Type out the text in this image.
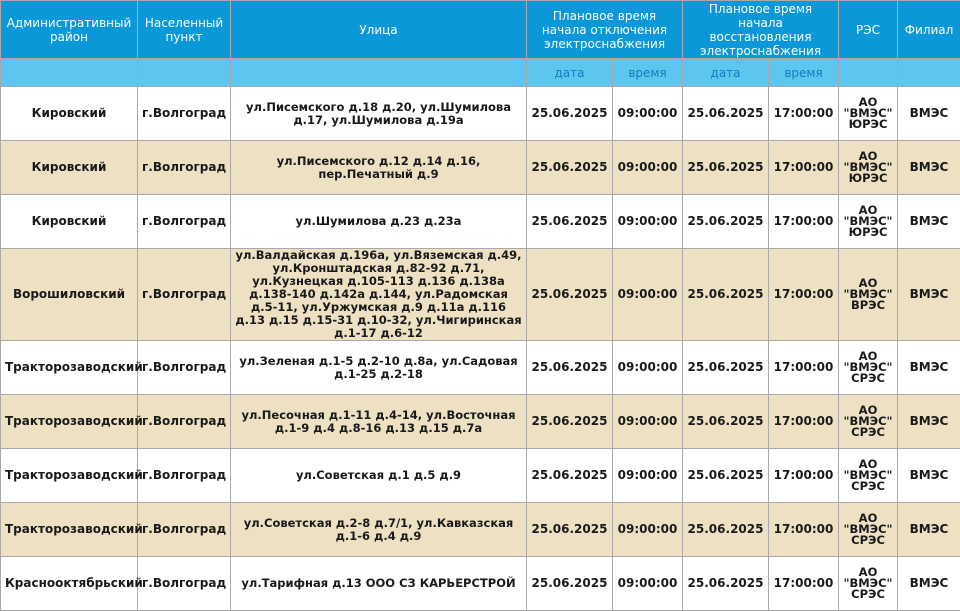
Административный район	Населенный пункт	Улица	Плановое время начала отключения электроснабжения		Плановое время начала восстановления электроснабжения		РЭС	Филиал
			дата	время	дата	время		
Кировский	г.Волгоград	ул.Писемского д.18 д.20, ул.Шумилова д.17, ул.Шумилова д.19а	25.06.2025	09:00:00	25.06.2025	17:00:00	АО "ВМЭС" ЮРЭС	ВМЭС
Кировский	г.Волгоград	ул.Писемского д.12 д.14 д.16, пер.Печатный д.9	25.06.2025	09:00:00	25.06.2025	17:00:00	АО "ВМЭС" ЮРЭС	ВМЭС
Кировский	г.Волгоград	ул.Шумилова д.23 д.23а	25.06.2025	09:00:00	25.06.2025	17:00:00	АО "ВМЭС" ЮРЭС	ВМЭС
Ворошиловский	г.Волгоград	ул.Валдайская д.196а, ул.Вяземская д.49, ул.Кронштадская д.82-92 д.71, ул.Кузнецкая д.105-113 д.136 д.138а д.138-140 д.142а д.144, ул.Радомская д.5-11, ул.Уржумская д.9 д.11а д.116 д.13 д.15 д.15-31 д.10-32, ул.Чигиринская д.1-17 д.6-12	25.06.2025	09:00:00	25.06.2025	17:00:00	АО "ВМЭС" ВРЭС	ВМЭС
Тракторозаводский	г.Волгоград	ул.Зеленая д.1-5 д.2-10 д.8а, ул.Садовая д.1-25 д.2-18	25.06.2025	09:00:00	25.06.2025	17:00:00	АО "ВМЭС" СРЭС	ВМЭС
Тракторозаводский	г.Волгоград	ул.Песочная д.1-11 д.4-14, ул.Восточная д.1-9 д.4 д.8-16 д.13 д.15 д.7а	25.06.2025	09:00:00	25.06.2025	17:00:00	АО "ВМЭС" СРЭС	ВМЭС
Тракторозаводский	г.Волгоград	ул.Советская д.1 д.5 д.9	25.06.2025	09:00:00	25.06.2025	17:00:00	АО "ВМЭС" СРЭС	ВМЭС
Тракторозаводский	г.Волгоград	ул.Советская д.2-8 д.7/1, ул.Кавказская д.1-6 д.4 д.9	25.06.2025	09:00:00	25.06.2025	17:00:00	АО "ВМЭС" СРЭС	ВМЭС
Краснооктябрьский	г.Волгоград	ул.Тарифная д.13 ООО СЗ КАРЬЕРСТРОЙ	25.06.2025	09:00:00	25.06.2025	17:00:00	АО "ВМЭС" СРЭС	ВМЭС
